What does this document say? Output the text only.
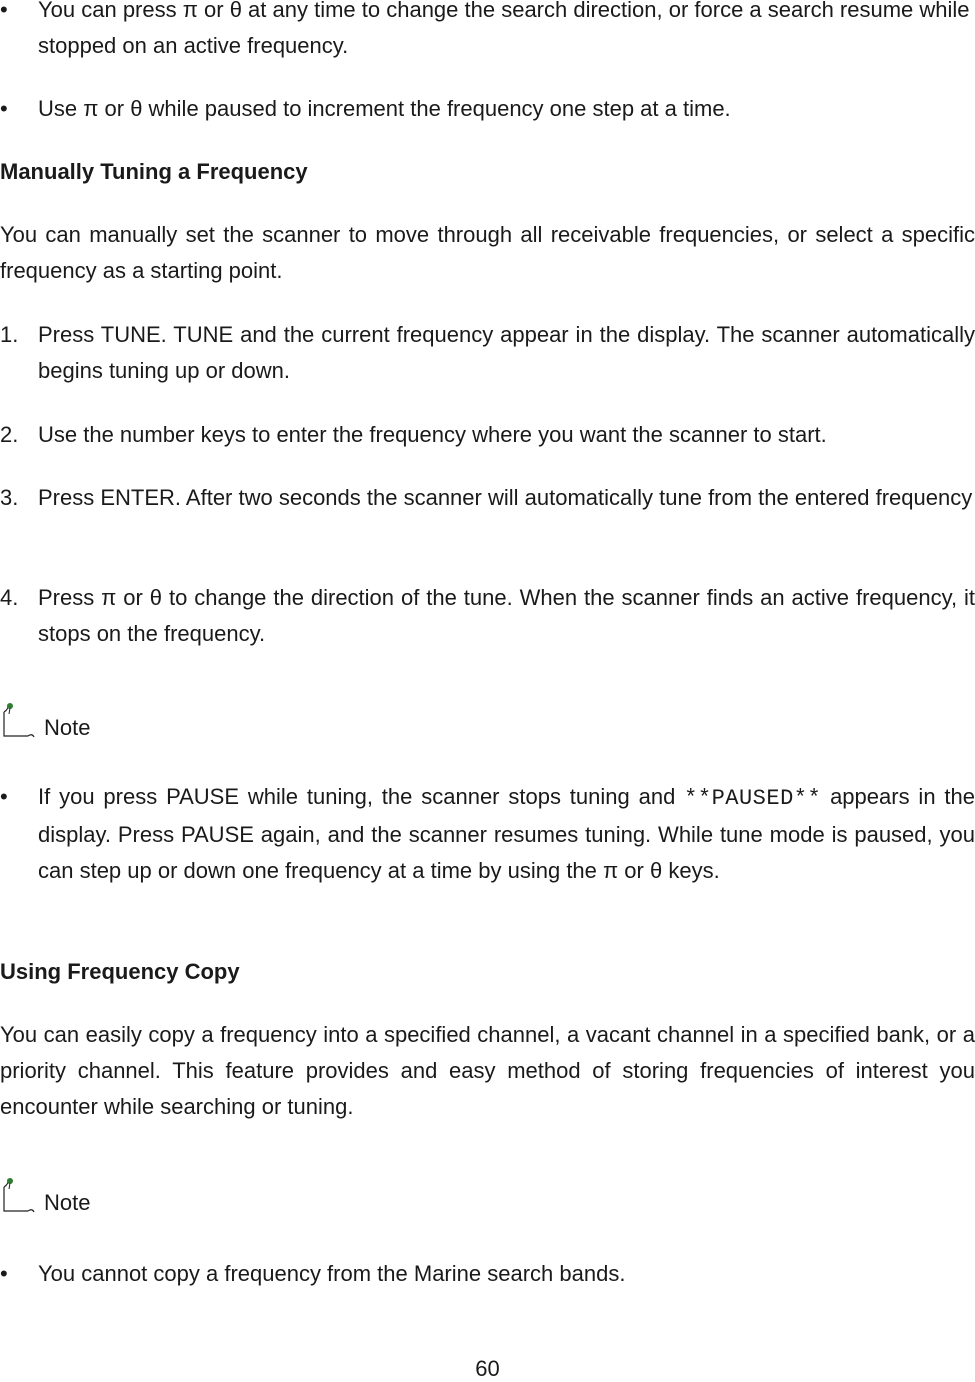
•	You can press π or θ at any time to change the search direction, or force a search resume while stopped on an active frequency.

•	Use π or θ while paused to increment the frequency one step at a time.

Manually Tuning a Frequency

You can manually set the scanner to move through all receivable frequencies, or select a specific frequency as a starting point.

1. Press TUNE. TUNE and the current frequency appear in the display. The scanner automatically begins tuning up or down.

2. Use the number keys to enter the frequency where you want the scanner to start.

3. Press ENTER. After two seconds the scanner will automatically tune from the entered frequency

4. Press π or θ to change the direction of the tune. When the scanner finds an active frequency, it stops on the frequency.

Note
•	If you press PAUSE while tuning, the scanner stops tuning and **PAUSED** appears in the display. Press PAUSE again, and the scanner resumes tuning. While tune mode is paused, you can step up or down one frequency at a time by using the π or θ keys.

Using Frequency Copy

You can easily copy a frequency into a specified channel, a vacant channel in a specified bank, or a priority channel. This feature provides and easy method of storing frequencies of interest you encounter while searching or tuning.

Note
•	You cannot copy a frequency from the Marine search bands.

60
